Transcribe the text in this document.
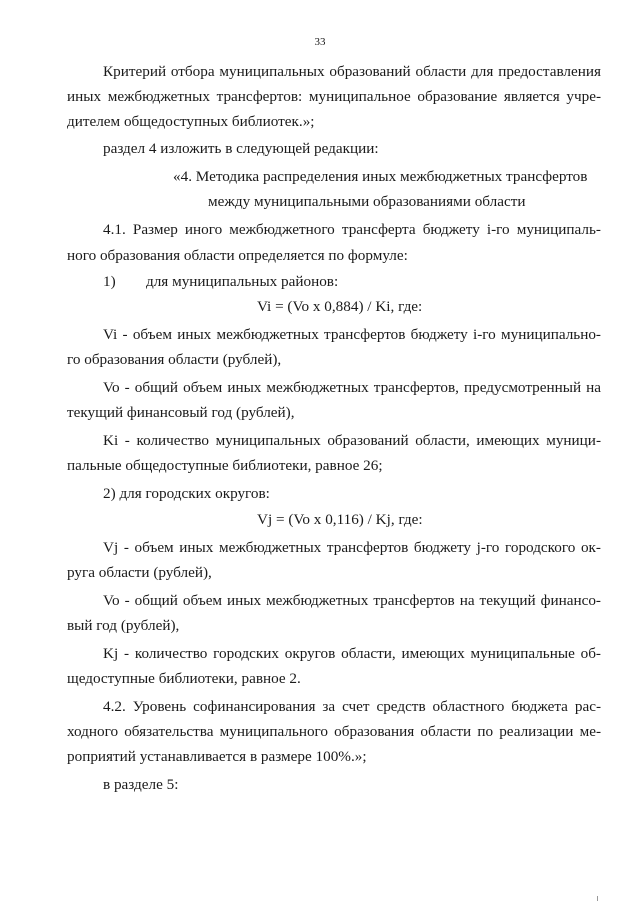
33
Критерий отбора муниципальных образований области для предоставления
иных межбюджетных трансфертов: муниципальное образование является учре-
дителем общедоступных библиотек.»;
раздел 4 изложить в следующей редакции:
«4. Методика распределения иных межбюджетных трансфертов
между муниципальными образованиями области
4.1. Размер иного межбюджетного трансферта бюджету i-го муниципаль-
ного образования области определяется по формуле:
1) для муниципальных районов:
Vi = (Vo x 0,884) / Ki, где:
Vi - объем иных межбюджетных трансфертов бюджету i-го муниципально-
го образования области (рублей),
Vo - общий объем иных межбюджетных трансфертов, предусмотренный на
текущий финансовый год (рублей),
Ki - количество муниципальных образований области, имеющих муници-
пальные общедоступные библиотеки, равное 26;
2) для городских округов:
Vj = (Vo x 0,116) / Kj, где:
Vj - объем иных межбюджетных трансфертов бюджету j-го городского ок-
руга области (рублей),
Vo - общий объем иных межбюджетных трансфертов на текущий финансо-
вый год (рублей),
Kj - количество городских округов области, имеющих муниципальные об-
щедоступные библиотеки, равное 2.
4.2. Уровень софинансирования за счет средств областного бюджета рас-
ходного обязательства муниципального образования области по реализации ме-
роприятий устанавливается в размере 100%.»;
в разделе 5:
